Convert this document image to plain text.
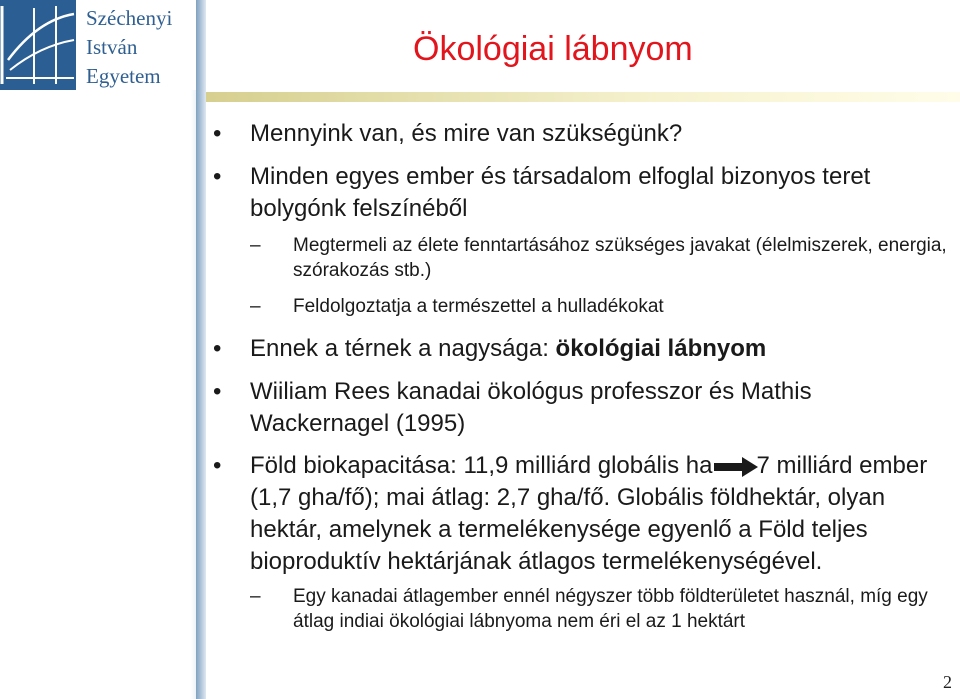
Széchenyi
István
Egyetem
Ökológiai lábnyom
• Mennyink van, és mire van szükségünk?
• Minden egyes ember és társadalom elfoglal bizonyos teret bolygónk felszínéből
– Megtermeli az élete fenntartásához szükséges javakat (élelmiszerek, energia, szórakozás stb.)
– Feldolgoztatja a természettel a hulladékokat
• Ennek a térnek a nagysága: ökológiai lábnyom
• Wiiliam Rees kanadai ökológus professzor és Mathis Wackernagel (1995)
• Föld biokapacitása: 11,9 milliárd globális ha 7 milliárd ember (1,7 gha/fő); mai átlag: 2,7 gha/fő. Globális földhektár, olyan hektár, amelynek a termelékenysége egyenlő a Föld teljes bioproduktív hektárjának átlagos termelékenységével.
– Egy kanadai átlagember ennél négyszer több földterületet használ, míg egy átlag indiai ökológiai lábnyoma nem éri el az 1 hektárt
2
